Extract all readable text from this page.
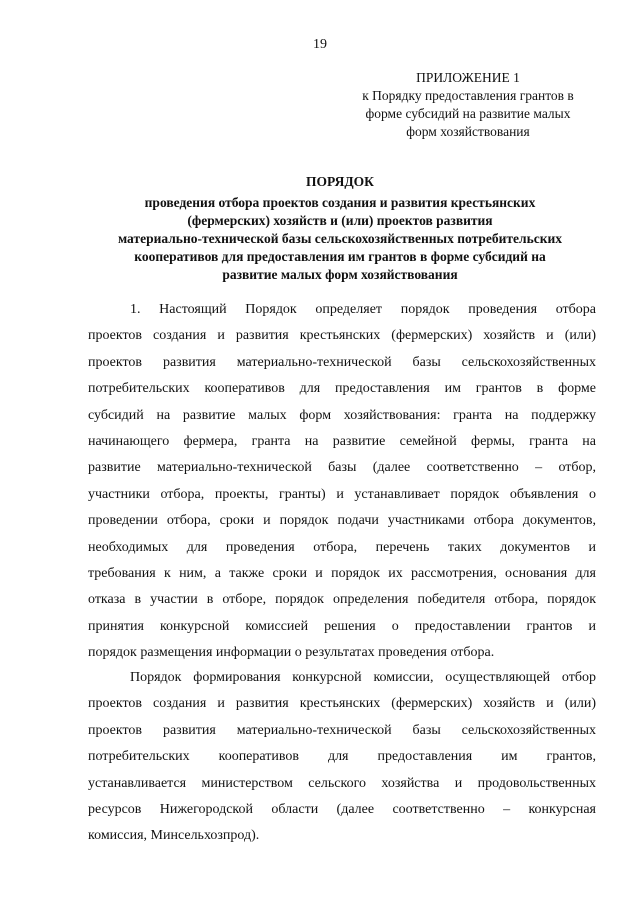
19
ПРИЛОЖЕНИЕ 1
к Порядку предоставления грантов в
форме субсидий на развитие малых
форм хозяйствования
ПОРЯДОК
проведения отбора проектов создания и развития крестьянских
(фермерских) хозяйств и (или) проектов развития
материально-технической базы сельскохозяйственных потребительских
кооперативов для предоставления им грантов в форме субсидий на
развитие малых форм хозяйствования
1. Настоящий Порядок определяет порядок проведения отбора
проектов создания и развития крестьянских (фермерских) хозяйств и (или)
проектов развития материально-технической базы сельскохозяйственных
потребительских кооперативов для предоставления им грантов в форме
субсидий на развитие малых форм хозяйствования: гранта на поддержку
начинающего фермера, гранта на развитие семейной фермы, гранта на
развитие материально-технической базы (далее соответственно – отбор,
участники отбора, проекты, гранты) и устанавливает порядок объявления о
проведении отбора, сроки и порядок подачи участниками отбора документов,
необходимых для проведения отбора, перечень таких документов и
требования к ним, а также сроки и порядок их рассмотрения, основания для
отказа в участии в отборе, порядок определения победителя отбора, порядок
принятия конкурсной комиссией решения о предоставлении грантов и
порядок размещения информации о результатах проведения отбора.
Порядок формирования конкурсной комиссии, осуществляющей отбор
проектов создания и развития крестьянских (фермерских) хозяйств и (или)
проектов развития материально-технической базы сельскохозяйственных
потребительских кооперативов для предоставления им грантов,
устанавливается министерством сельского хозяйства и продовольственных
ресурсов Нижегородской области (далее соответственно – конкурсная
комиссия, Минсельхозпрод).
